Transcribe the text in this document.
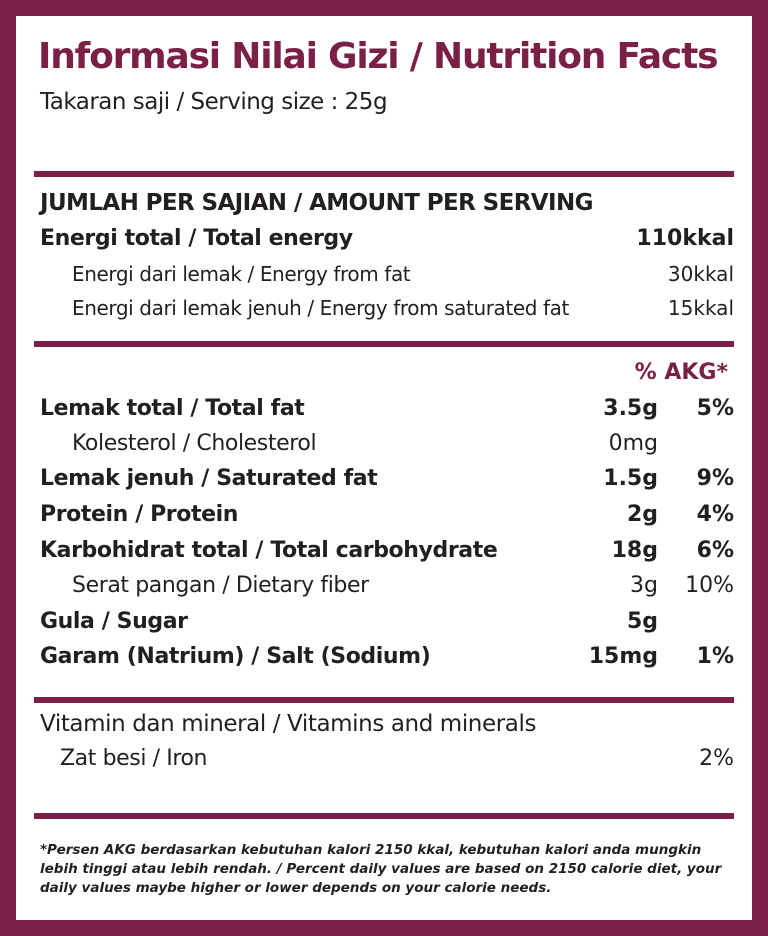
Informasi Nilai Gizi / Nutrition Facts
Takaran saji / Serving size : 25g
JUMLAH PER SAJIAN / AMOUNT PER SERVING
Energi total / Total energy	110kkal
Energi dari lemak / Energy from fat	30kkal
Energi dari lemak jenuh / Energy from saturated fat	15kkal
% AKG*
Lemak total / Total fat	3.5g 5%
Kolesterol / Cholesterol	0mg
Lemak jenuh / Saturated fat	1.5g 9%
Protein / Protein	2g 4%
Karbohidrat total / Total carbohydrate	18g 6%
Serat pangan / Dietary fiber	3g 10%
Gula / Sugar	5g
Garam (Natrium) / Salt (Sodium)	15mg 1%
Vitamin dan mineral / Vitamins and minerals
Zat besi / Iron	2%
*Persen AKG berdasarkan kebutuhan kalori 2150 kkal, kebutuhan kalori anda mungkin lebih tinggi atau lebih rendah. / Percent daily values are based on 2150 calorie diet, your daily values maybe higher or lower depends on your calorie needs.
